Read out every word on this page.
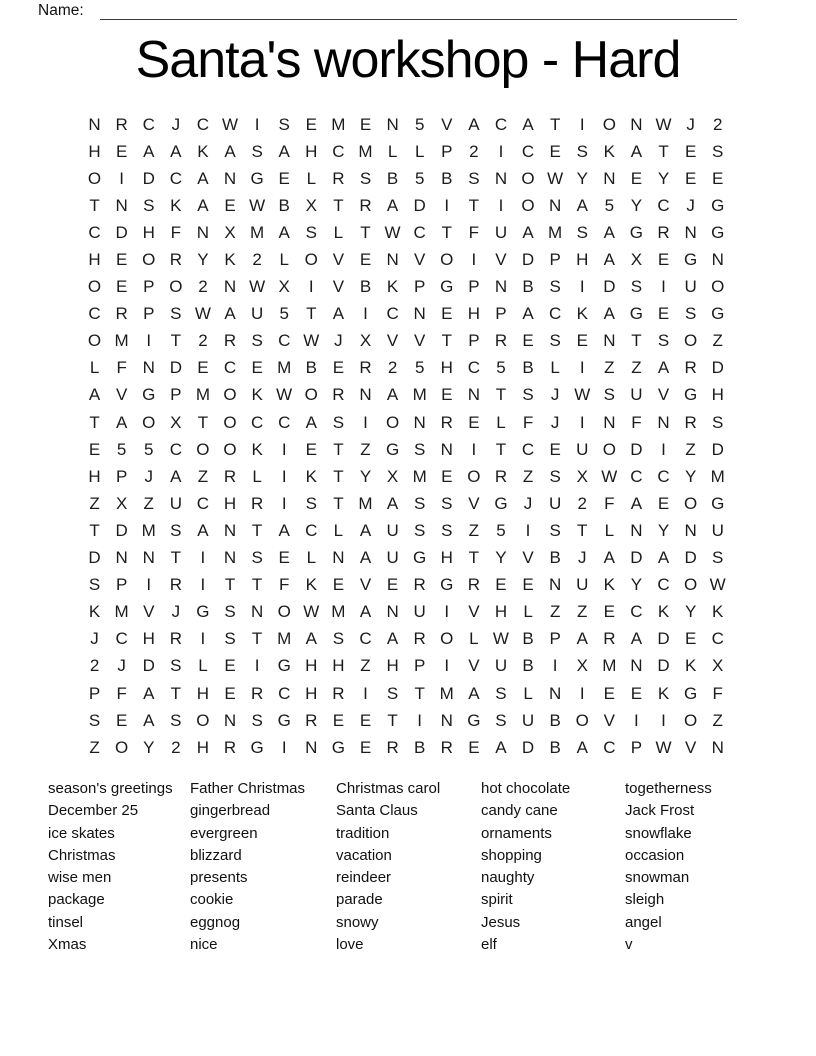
Name:
Santa's workshop - Hard
N R C J C W I	S E M E N 5 V A C A T	I	O N W J	2
H E A A K A S A H C M L	L P 2	I	C E S K A T E S
O	I	D C A N G E L R S B 5 B S N O W Y N E Y E E
T N S K A E W B X T R A D	I	T	I	O N A 5 Y C J G
C D H F N X M A S L	T W C T F U A M S A G R N G
H E O R Y K 2	L O V E N V O	I	V D P H A X E G N
O E P O 2 N W X	I	V B K P G P N B S	I	D S	I	U O
C R P S W A U 5	T A	I	C N E H P A C K A G E S G
O M	I	T	2 R S C W J	X V V T P R E S E N T S O Z
L	F N D E C E M B E R 2	5 H C 5 B L	I	Z Z A R D
A V G P M O K W O R N A M E N T S	J W S U V G H
T A O X T O C C A S	I	O N R E L	F	J	I	N F N R S
E 5	5 C O O K	I	E T Z G S N	I	T C E U O D	I	Z D
H P	J	A Z R L	I	K T Y X M E O R Z S X W C C Y M
Z X Z U C H R	I	S T M A S S V G J U 2	F A E O G
T D M S A N T A C L A U S S Z	5	I	S T	L N Y N U
D N N T	I	N S E L N A U G H T Y V B	J	A D A D S
S P	I	R	I	T T F K E V E R G R E E N U K Y C O W
K M V	J G S N O W M A N U	I	V H L	Z Z E C K Y K
J C H R	I	S T M A S C A R O L W B P A R A D E C
2	J D S L E	I	G H H Z H P	I	V U B	I	X M N D K X
P F A T H E R C H R	I	S T M A S L N	I	E E K G F
S E A S O N S G R E E T	I	N G S U B O V	I	I	O Z
Z O Y 2 H R G	I	N G E R B R E A D B A C P W V N
season's greetings
December 25
ice skates
Christmas
wise men
package
tinsel
Xmas
Father Christmas
gingerbread
evergreen
blizzard
presents
cookie
eggnog
nice
Christmas carol
Santa Claus
tradition
vacation
reindeer
parade
snowy
love
hot chocolate
candy cane
ornaments
shopping
naughty
spirit
Jesus
elf
togetherness
Jack Frost
snowflake
occasion
snowman
sleigh
angel
v
